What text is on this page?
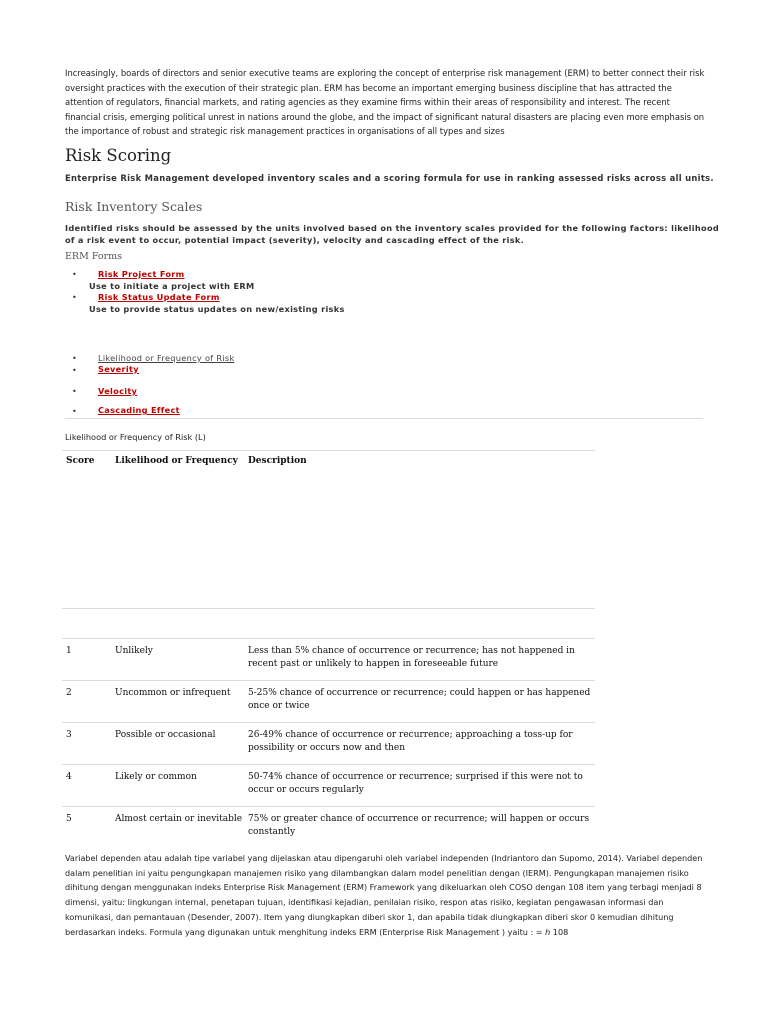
Increasingly, boards of directors and senior executive teams are exploring the concept of enterprise risk management (ERM) to better connect their risk oversight practices with the execution of their strategic plan. ERM has become an important emerging business discipline that has attracted the attention of regulators, financial markets, and rating agencies as they examine firms within their areas of responsibility and interest. The recent financial crisis, emerging political unrest in nations around the globe, and the impact of significant natural disasters are placing even more emphasis on the importance of robust and strategic risk management practices in organisations of all types and sizes
Risk Scoring
Enterprise Risk Management developed inventory scales and a scoring formula for use in ranking assessed risks across all units.
Risk Inventory Scales
Identified risks should be assessed by the units involved based on the inventory scales provided for the following factors: likelihood of a risk event to occur, potential impact (severity), velocity and cascading effect of the risk.
ERM Forms
•	Risk Project Form
Use to initiate a project with ERM
•	Risk Status Update Form
Use to provide status updates on new/existing risks
•	Likelihood or Frequency of Risk
•	Severity
•	Velocity
•	Cascading Effect
Likelihood or Frequency of Risk (L)
Score Likelihood or Frequency Description
1	Unlikely	Less than 5% chance of occurrence or recurrence; has not happened in recent past or unlikely to happen in foreseeable future
2	Uncommon or infrequent 5-25% chance of occurrence or recurrence; could happen or has happened once or twice
3	Possible or occasional	26-49% chance of occurrence or recurrence; approaching a toss-up for possibility or occurs now and then
4	Likely or common	50-74% chance of occurrence or recurrence; surprised if this were not to occur or occurs regularly
5	Almost certain or inevitable 75% or greater chance of occurrence or recurrence; will happen or occurs constantly
Variabel dependen atau adalah tipe variabel yang dijelaskan atau dipengaruhi oleh variabel independen (Indriantoro dan Supomo, 2014). Variabel dependen dalam penelitian ini yaitu pengungkapan manajemen risiko yang dilambangkan dalam model penelitian dengan (IERM). Pengungkapan manajemen risiko dihitung dengan menggunakan indeks Enterprise Risk Management (ERM) Framework yang dikeluarkan oleh COSO dengan 108 item yang terbagi menjadi 8 dimensi, yaitu: lingkungan internal, penetapan tujuan, identifikasi kejadian, penilaian risiko, respon atas risiko, kegiatan pengawasan informasi dan komunikasi, dan pemantauan (Desender, 2007). Item yang diungkapkan diberi skor 1, dan apabila tidak diungkapkan diberi skor 0 kemudian dihitung berdasarkan indeks. Formula yang digunakan untuk menghitung indeks ERM (Enterprise Risk Management ) yaitu : = ℎ 108
